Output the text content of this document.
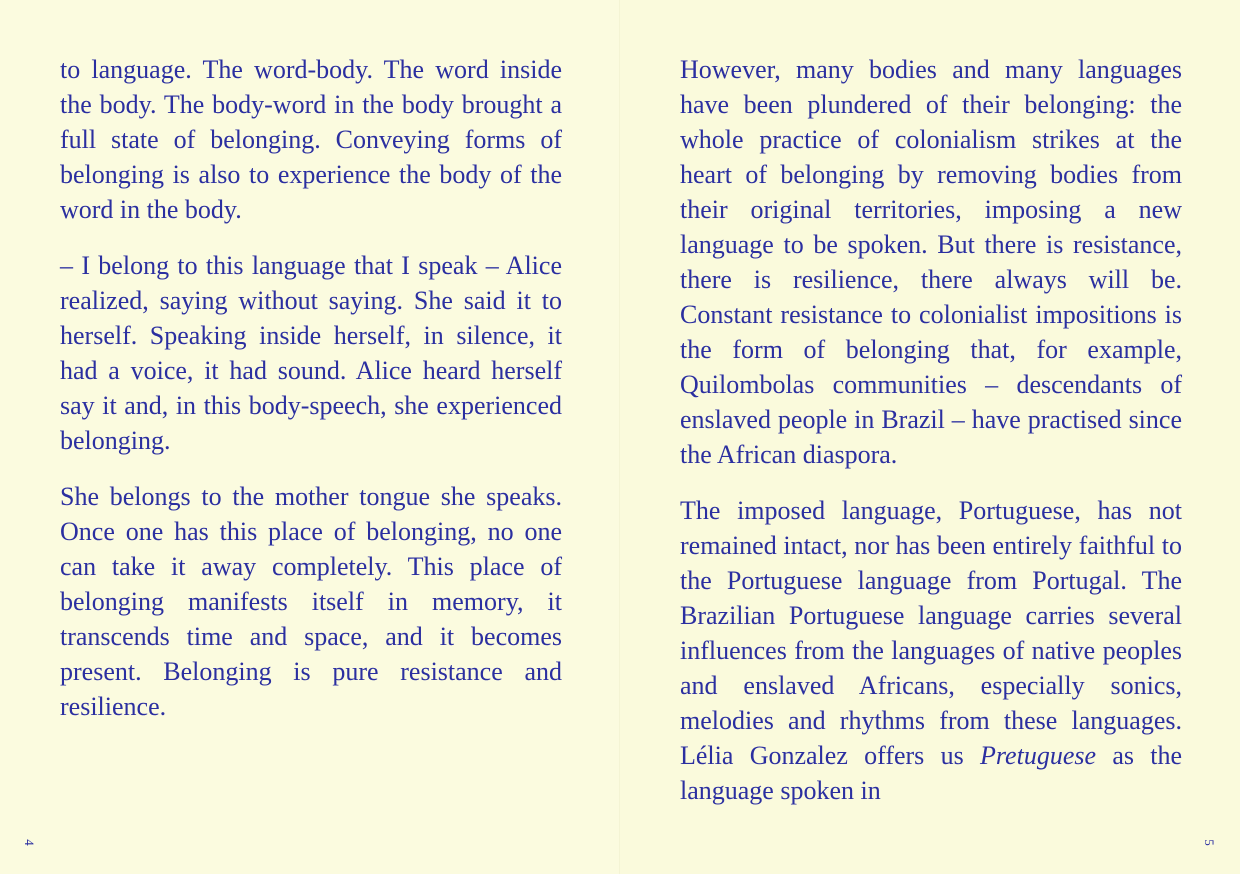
to language. The word-body. The word inside the body. The body-word in the body brought a full state of belonging. Conveying forms of belonging is also to experience the body of the word in the body.

– I belong to this language that I speak – Alice realized, saying without saying. She said it to herself. Speaking inside herself, in silence, it had a voice, it had sound. Alice heard herself say it and, in this body-speech, she experienced belonging.

She belongs to the mother tongue she speaks. Once one has this place of belonging, no one can take it away completely. This place of belonging manifests itself in memory, it transcends time and space, and it becomes present. Belonging is pure resistance and resilience.

4

However, many bodies and many languages have been plundered of their belonging: the whole practice of colonialism strikes at the heart of belonging by removing bodies from their original territories, imposing a new language to be spoken. But there is resistance, there is resilience, there always will be. Constant resistance to colonialist impositions is the form of belonging that, for example, Quilombolas communities – descendants of enslaved people in Brazil – have practised since the African diaspora.

The imposed language, Portuguese, has not remained intact, nor has been entirely faithful to the Portuguese language from Portugal. The Brazilian Portuguese language carries several influences from the languages of native peoples and enslaved Africans, especially sonics, melodies and rhythms from these languages. Lélia Gonzalez offers us Pretuguese as the language spoken in

5
